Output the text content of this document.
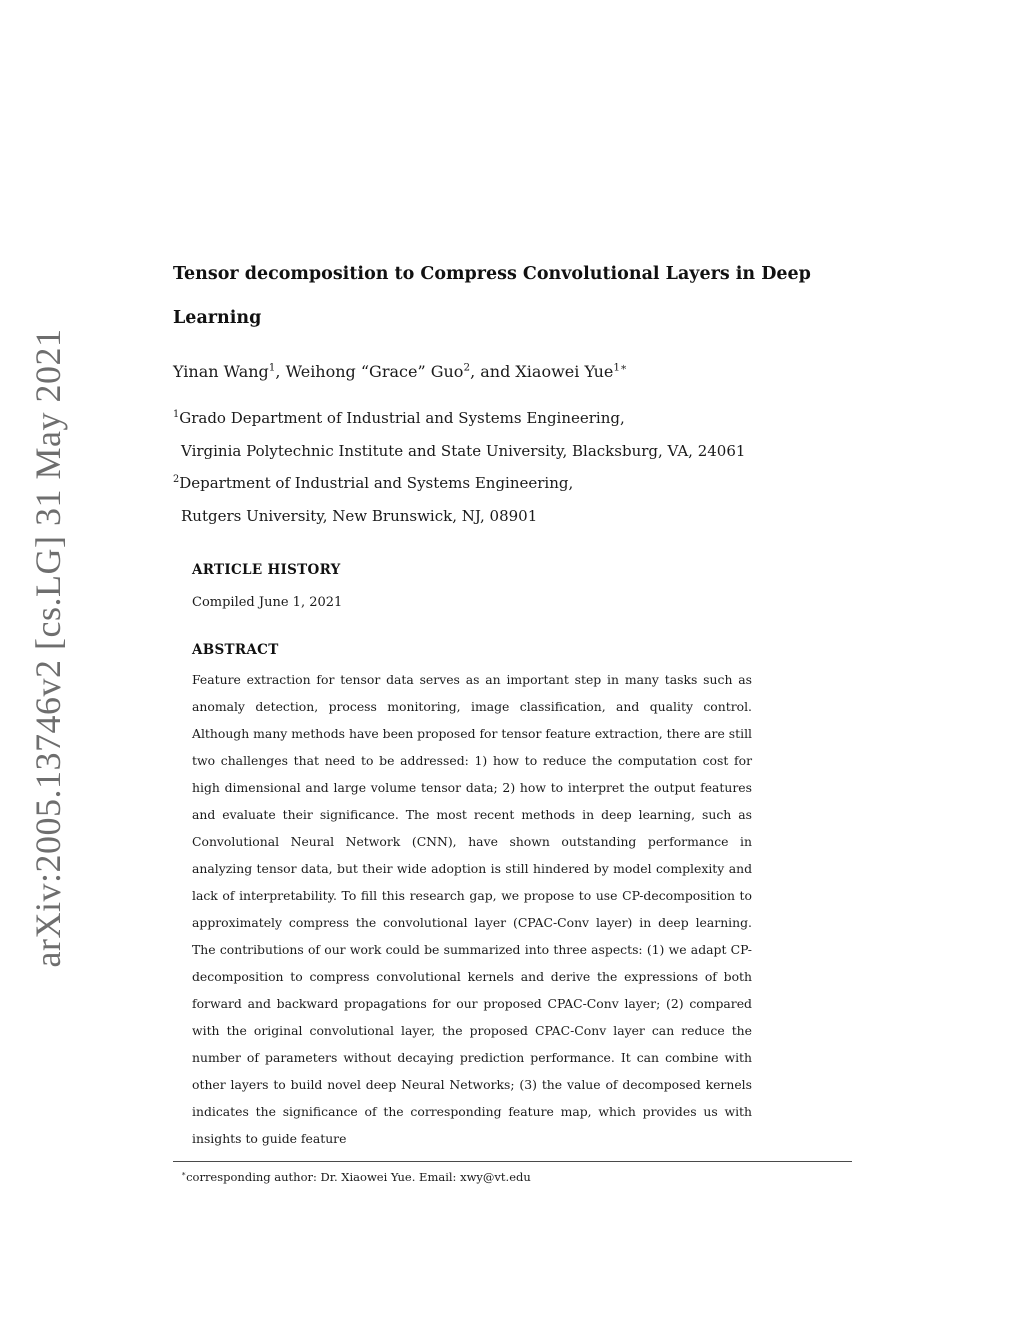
arXiv:2005.13746v2 [cs.LG] 31 May 2021
Tensor decomposition to Compress Convolutional Layers in Deep Learning
Yinan Wang$^1$, Weihong “Grace” Guo$^2$, and Xiaowei Yue$^{1∗}$
$^1$Grado Department of Industrial and Systems Engineering,
Virginia Polytechnic Institute and State University, Blacksburg, VA, 24061
$^2$Department of Industrial and Systems Engineering,
Rutgers University, New Brunswick, NJ, 08901
ARTICLE HISTORY
Compiled June 1, 2021
ABSTRACT

Feature extraction for tensor data serves as an important step in many tasks such as anomaly detection, process monitoring, image classification, and quality control. Although many methods have been proposed for tensor feature extraction, there are still two challenges that need to be addressed: 1) how to reduce the computation cost for high dimensional and large volume tensor data; 2) how to interpret the output features and evaluate their significance. The most recent methods in deep learning, such as Convolutional Neural Network (CNN), have shown outstanding performance in analyzing tensor data, but their wide adoption is still hindered by model complexity and lack of interpretability. To fill this research gap, we propose to use CP-decomposition to approximately compress the convolutional layer (CPAC-Conv layer) in deep learning. The contributions of our work could be summarized into three aspects: (1) we adapt CP-decomposition to compress convolutional kernels and derive the expressions of both forward and backward propagations for our proposed CPAC-Conv layer; (2) compared with the original convolutional layer, the proposed CPAC-Conv layer can reduce the number of parameters without decaying prediction performance. It can combine with other layers to build novel deep Neural Networks; (3) the value of decomposed kernels indicates the significance of the corresponding feature map, which provides us with insights to guide feature

∗corresponding author: Dr. Xiaowei Yue. Email: xwy@vt.edu
